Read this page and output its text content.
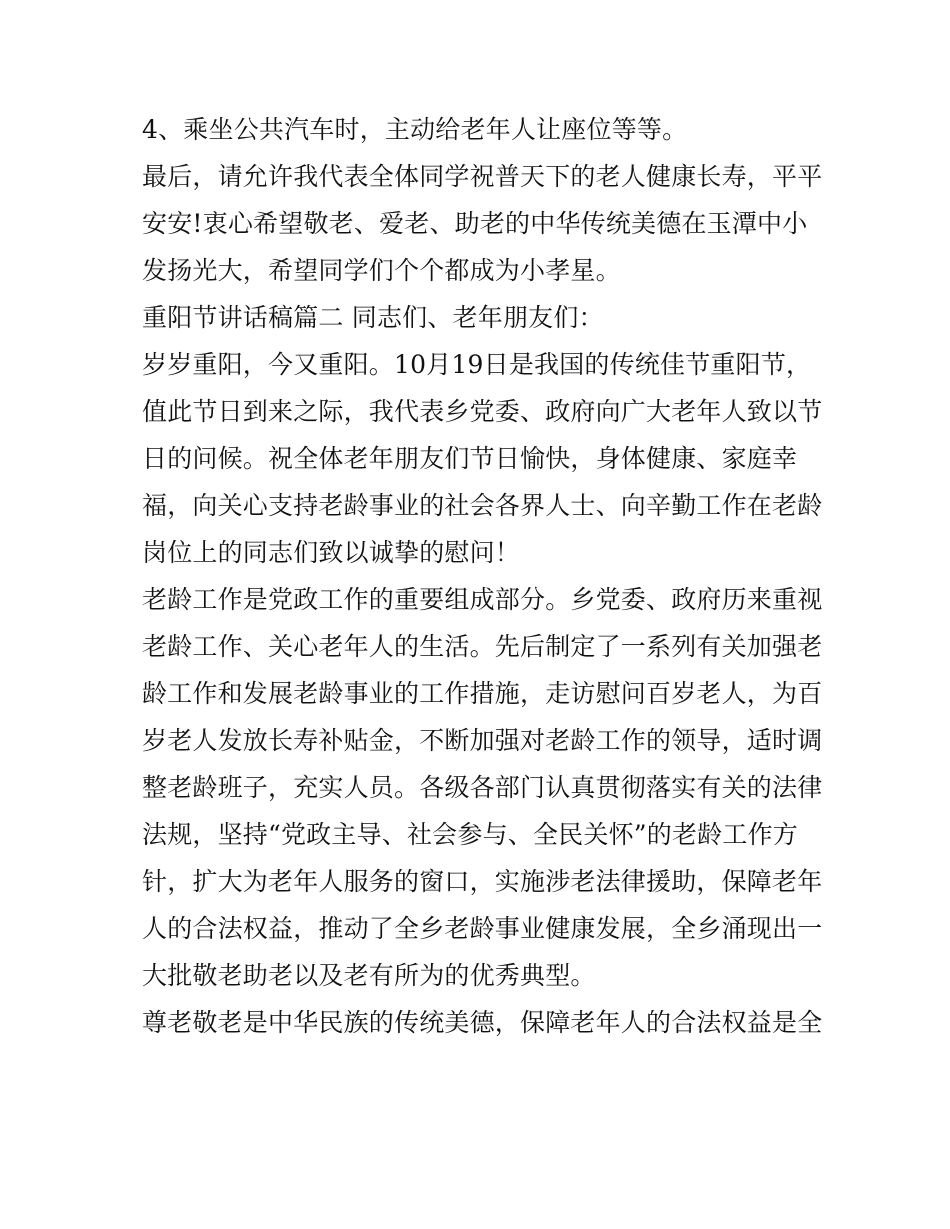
4、乘坐公共汽车时，主动给老年人让座位等等。
最后，请允许我代表全体同学祝普天下的老人健康长寿，平平
安安!衷心希望敬老、爱老、助老的中华传统美德在玉潭中小
发扬光大，希望同学们个个都成为小孝星。
重阳节讲话稿篇二 同志们、老年朋友们：
岁岁重阳，今又重阳。10月19日是我国的传统佳节重阳节，
值此节日到来之际，我代表乡党委、政府向广大老年人致以节
日的问候。祝全体老年朋友们节日愉快，身体健康、家庭幸
福，向关心支持老龄事业的社会各界人士、向辛勤工作在老龄
岗位上的同志们致以诚挚的慰问！
老龄工作是党政工作的重要组成部分。乡党委、政府历来重视
老龄工作、关心老年人的生活。先后制定了一系列有关加强老
龄工作和发展老龄事业的工作措施，走访慰问百岁老人，为百
岁老人发放长寿补贴金，不断加强对老龄工作的领导，适时调
整老龄班子，充实人员。各级各部门认真贯彻落实有关的法律
法规，坚持“党政主导、社会参与、全民关怀”的老龄工作方
针，扩大为老年人服务的窗口，实施涉老法律援助，保障老年
人的合法权益，推动了全乡老龄事业健康发展，全乡涌现出一
大批敬老助老以及老有所为的优秀典型。
尊老敬老是中华民族的传统美德，保障老年人的合法权益是全
